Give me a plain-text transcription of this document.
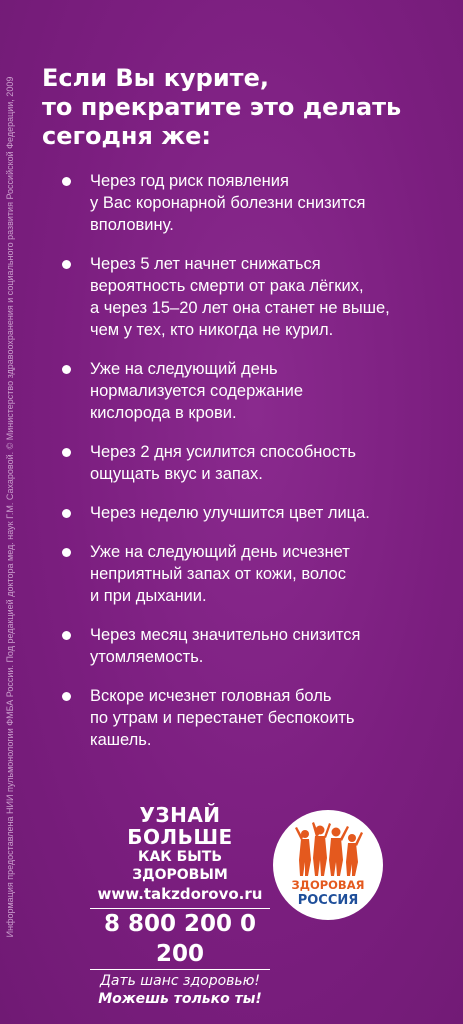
Информация предоставлена НИИ пульмонологии ФМБА России. Под редакцией доктора мед. наук Г.М. Сахаровой. © Министерство здравоохранения и социального развития Российской Федерации, 2009 Если Вы курите,
то прекратите это делать
сегодня же:
Через год риск появления
у Вас коронарной болезни снизится
вполовину.
Через 5 лет начнет снижаться
вероятность смерти от рака лёгких,
а через 15–20 лет она станет не выше,
чем у тех, кто никогда не курил.
Уже на следующий день
нормализуется содержание
кислорода в крови.
Через 2 дня усилится способность
ощущать вкус и запах.
Через неделю улучшится цвет лица.
Уже на следующий день исчезнет
неприятный запах от кожи, волос
и при дыхании.
Через месяц значительно снизится
утомляемость.
Вскоре исчезнет головная боль
по утрам и перестанет беспокоить
кашель.
УЗНАЙ БОЛЬШЕ
КАК БЫТЬ ЗДОРОВЫМ
www.takzdorovo.ru
8 800 200 0 200
Дать шанс здоровью!
Можешь только ты!
ЗДОРОВАЯ
РОССИЯ
